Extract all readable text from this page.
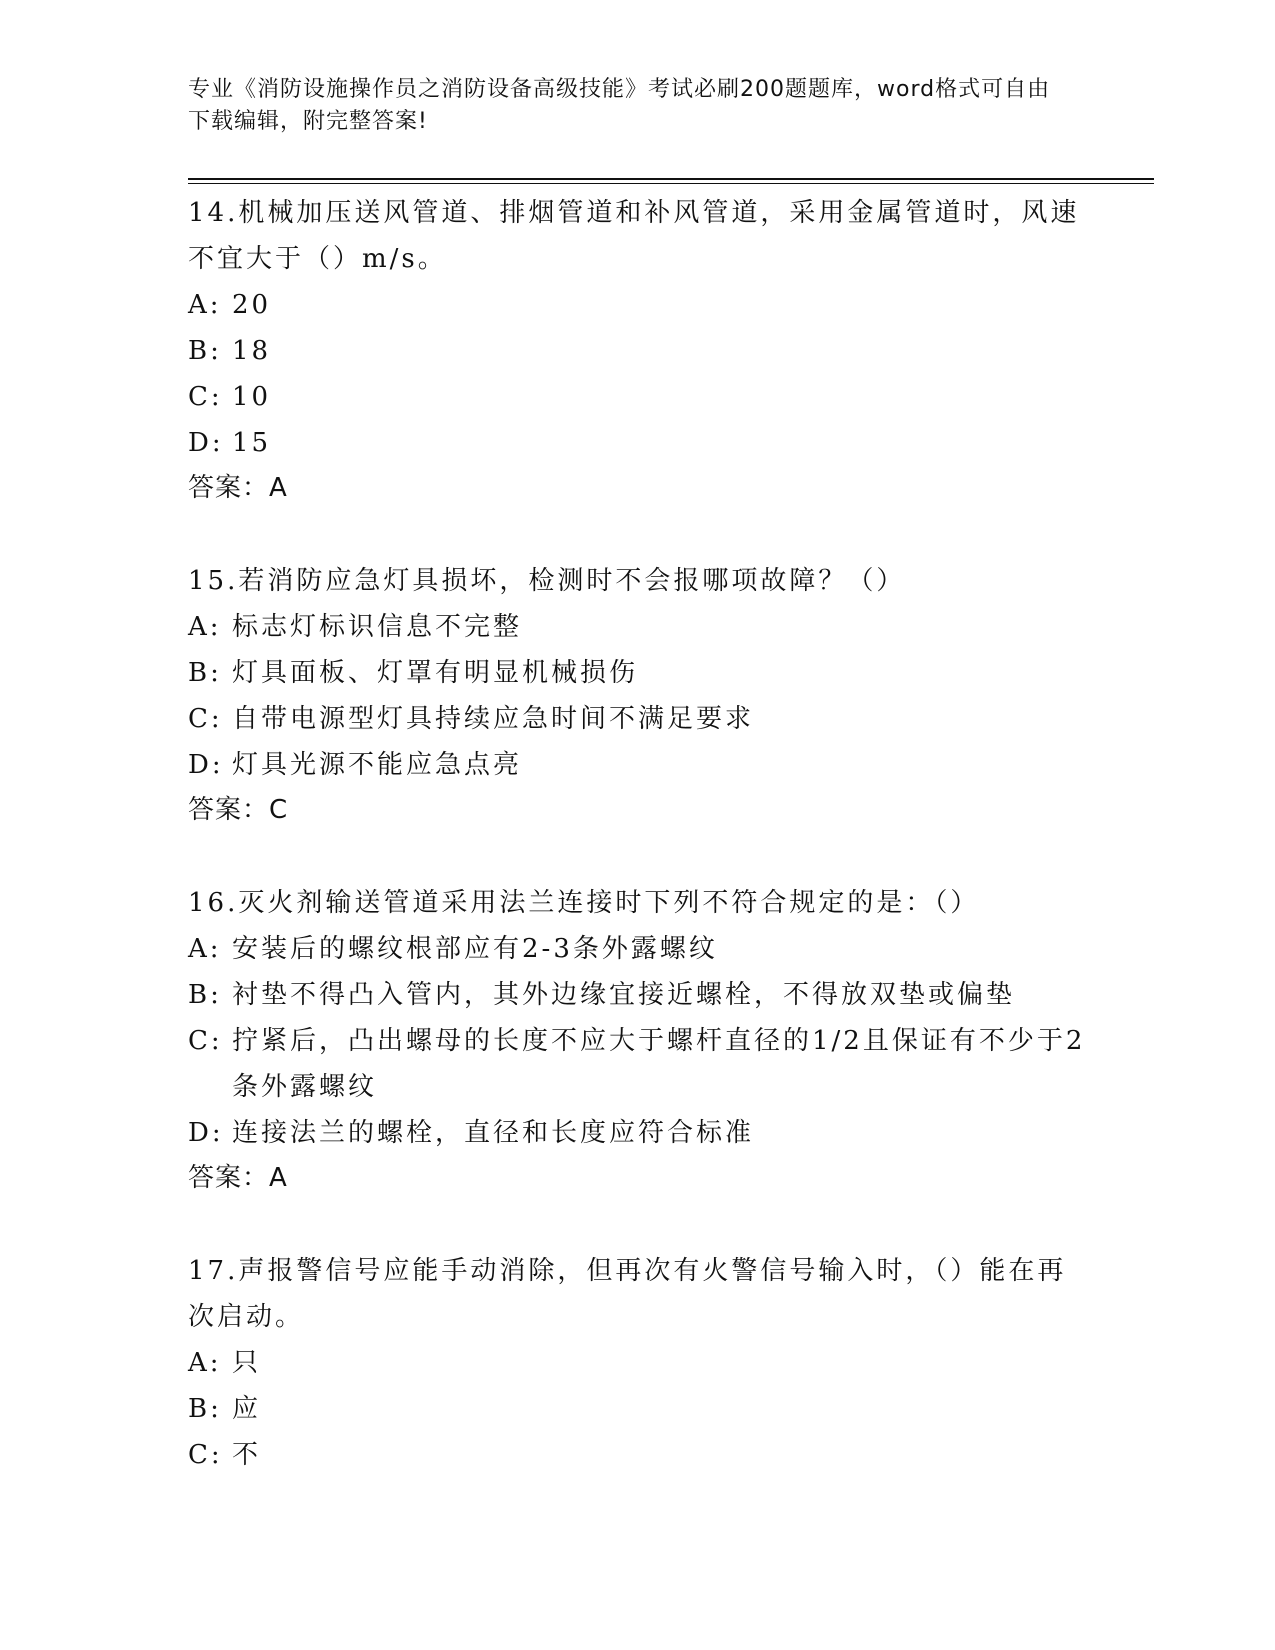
专业《消防设施操作员之消防设备高级技能》考试必刷200题题库，word格式可自由下载编辑，附完整答案!

14.机械加压送风管道、排烟管道和补风管道，采用金属管道时，风速不宜大于（）m/s。

A: 20
B: 18
C: 10
D: 15

答案：A

15.若消防应急灯具损坏，检测时不会报哪项故障？（）

A: 标志灯标识信息不完整
B: 灯具面板、灯罩有明显机械损伤
C: 自带电源型灯具持续应急时间不满足要求
D: 灯具光源不能应急点亮

答案：C

16.灭火剂输送管道采用法兰连接时下列不符合规定的是：（）

A: 安装后的螺纹根部应有2-3条外露螺纹
B: 衬垫不得凸入管内，其外边缘宜接近螺栓，不得放双垫或偏垫
C: 拧紧后，凸出螺母的长度不应大于螺杆直径的1/2且保证有不少于2条外露螺纹
D: 连接法兰的螺栓，直径和长度应符合标准

答案：A

17.声报警信号应能手动消除，但再次有火警信号输入时，（）能在再次启动。

A: 只
B: 应
C: 不
